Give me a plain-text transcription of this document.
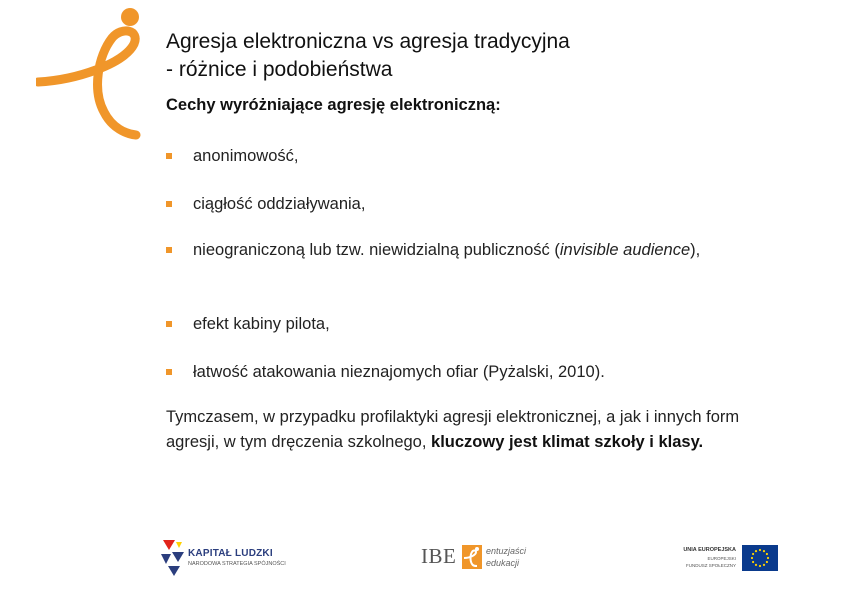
Agresja elektroniczna vs agresja tradycyjna
- różnice i podobieństwa

Cechy wyróżniające agresję elektroniczną:

anonimowość,
ciągłość oddziaływania,
nieograniczoną lub tzw. niewidzialną publiczność (invisible audience),
efekt kabiny pilota,
łatwość atakowania nieznajomych ofiar (Pyżalski, 2010).

Tymczasem, w przypadku profilaktyki agresji elektronicznej, a jak i innych form agresji, w tym dręczenia szkolnego, kluczowy jest klimat szkoły i klasy.

KAPITAŁ LUDZKI
NARODOWA STRATEGIA SPÓJNOŚCI	IBE	entuzjaści
edukacji
UNIA EUROPEJSKA
EUROPEJSKI
FUNDUSZ SPOŁECZNY
